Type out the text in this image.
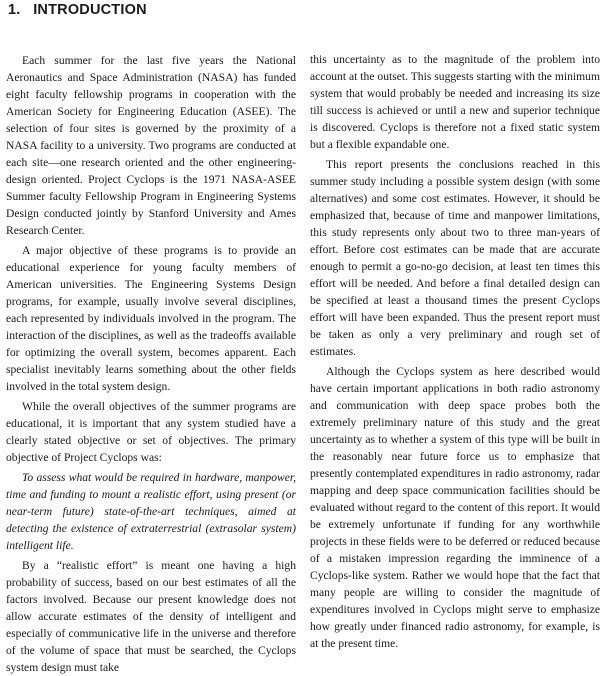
1. INTRODUCTION

Each summer for the last five years the National Aeronautics and Space Administration (NASA) has funded eight faculty fellowship programs in cooperation with the American Society for Engineering Education (ASEE). The selection of four sites is governed by the proximity of a NASA facility to a university. Two programs are conducted at each site—one research oriented and the other engineering-design oriented. Project Cyclops is the 1971 NASA-ASEE Summer faculty Fellowship Program in Engineering Systems Design conducted jointly by Stanford University and Ames Research Center.

A major objective of these programs is to provide an educational experience for young faculty members of American universities. The Engineering Systems Design programs, for example, usually involve several disciplines, each represented by individuals involved in the program. The interaction of the disciplines, as well as the tradeoffs available for optimizing the overall system, becomes apparent. Each specialist inevitably learns something about the other fields involved in the total system design.

While the overall objectives of the summer programs are educational, it is important that any system studied have a clearly stated objective or set of objectives. The primary objective of Project Cyclops was:

To assess what would be required in hardware, manpower, time and funding to mount a realistic effort, using present (or near-term future) state-of-the-art techniques, aimed at detecting the existence of extraterrestrial (extrasolar system) intelligent life.

By a “realistic effort” is meant one having a high probability of success, based on our best estimates of all the factors involved. Because our present knowledge does not allow accurate estimates of the density of intelligent and especially of communicative life in the universe and therefore of the volume of space that must be searched, the Cyclops system design must take

this uncertainty as to the magnitude of the problem into account at the outset. This suggests starting with the minimum system that would probably be needed and increasing its size till success is achieved or until a new and superior technique is discovered. Cyclops is therefore not a fixed static system but a flexible expandable one.

This report presents the conclusions reached in this summer study including a possible system design (with some alternatives) and some cost estimates. However, it should be emphasized that, because of time and manpower limitations, this study represents only about two to three man-years of effort. Before cost estimates can be made that are accurate enough to permit a go-no-go decision, at least ten times this effort will be needed. And before a final detailed design can be specified at least a thousand times the present Cyclops effort will have been expanded. Thus the present report must be taken as only a very preliminary and rough set of estimates.

Although the Cyclops system as here described would have certain important applications in both radio astronomy and communication with deep space probes both the extremely preliminary nature of this study and the great uncertainty as to whether a system of this type will be built in the reasonably near future force us to emphasize that presently contemplated expenditures in radio astronomy, radar mapping and deep space communication facilities should be evaluated without regard to the content of this report. It would be extremely unfortunate if funding for any worthwhile projects in these fields were to be deferred or reduced because of a mistaken impression regarding the imminence of a Cyclops-like system. Rather we would hope that the fact that many people are willing to consider the magnitude of expenditures involved in Cyclops might serve to emphasize how greatly under financed radio astronomy, for example, is at the present time.
